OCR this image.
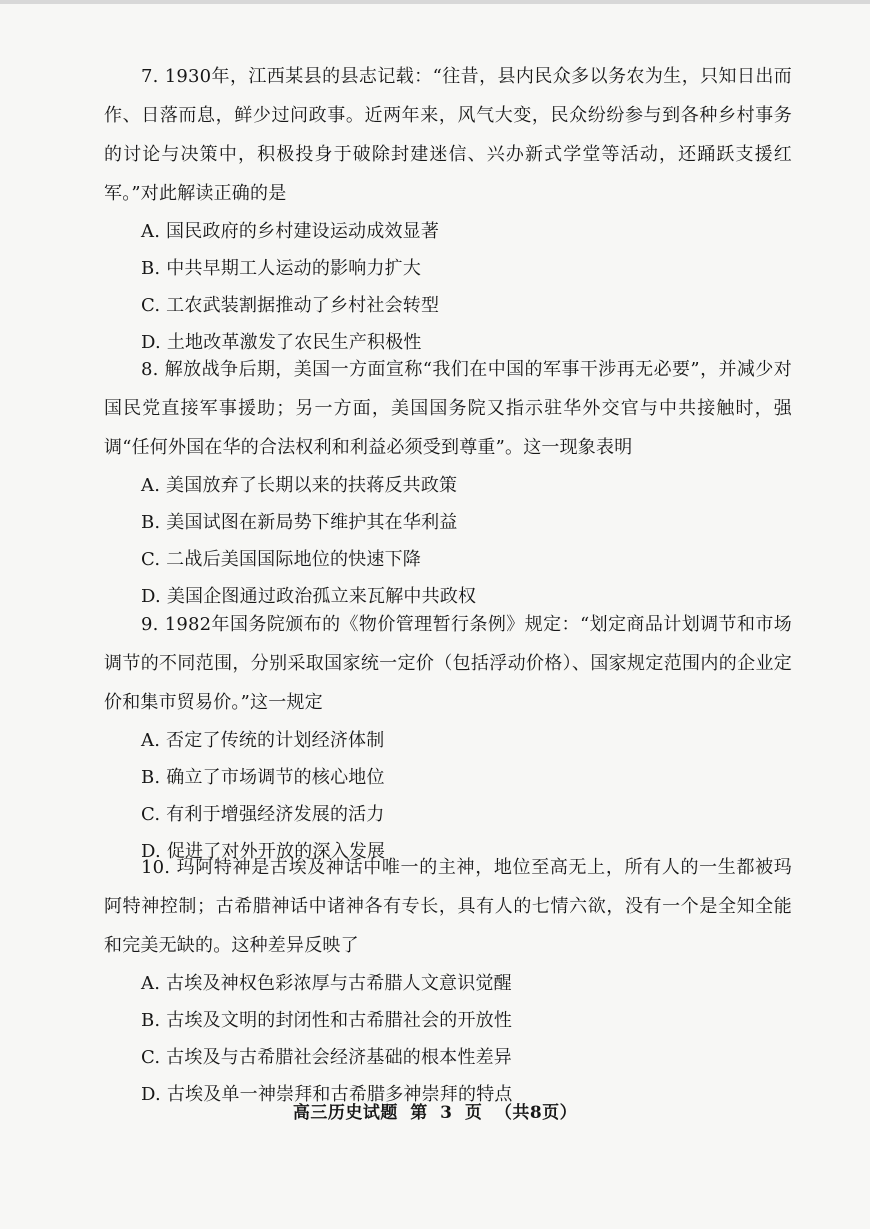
7. 1930年，江西某县的县志记载：“往昔，县内民众多以务农为生，只知日出而作、日落而息，鲜少过问政事。近两年来，风气大变，民众纷纷参与到各种乡村事务的讨论与决策中，积极投身于破除封建迷信、兴办新式学堂等活动，还踊跃支援红军。”对此解读正确的是

A. 国民政府的乡村建设运动成效显著

B. 中共早期工人运动的影响力扩大

C. 工农武装割据推动了乡村社会转型

D. 土地改革激发了农民生产积极性

8. 解放战争后期，美国一方面宣称“我们在中国的军事干涉再无必要”，并减少对国民党直接军事援助；另一方面，美国国务院又指示驻华外交官与中共接触时，强调“任何外国在华的合法权利和利益必须受到尊重”。这一现象表明

A. 美国放弃了长期以来的扶蒋反共政策

B. 美国试图在新局势下维护其在华利益

C. 二战后美国国际地位的快速下降

D. 美国企图通过政治孤立来瓦解中共政权

9. 1982年国务院颁布的《物价管理暂行条例》规定：“划定商品计划调节和市场调节的不同范围，分别采取国家统一定价（包括浮动价格）、国家规定范围内的企业定价和集市贸易价。”这一规定

A. 否定了传统的计划经济体制

B. 确立了市场调节的核心地位

C. 有利于增强经济发展的活力

D. 促进了对外开放的深入发展

10. 玛阿特神是古埃及神话中唯一的主神，地位至高无上，所有人的一生都被玛阿特神控制；古希腊神话中诸神各有专长，具有人的七情六欲，没有一个是全知全能和完美无缺的。这种差异反映了

A. 古埃及神权色彩浓厚与古希腊人文意识觉醒

B. 古埃及文明的封闭性和古希腊社会的开放性

C. 古埃及与古希腊社会经济基础的根本性差异

D. 古埃及单一神崇拜和古希腊多神崇拜的特点

高三历史试题 第 3 页 （共8页）
